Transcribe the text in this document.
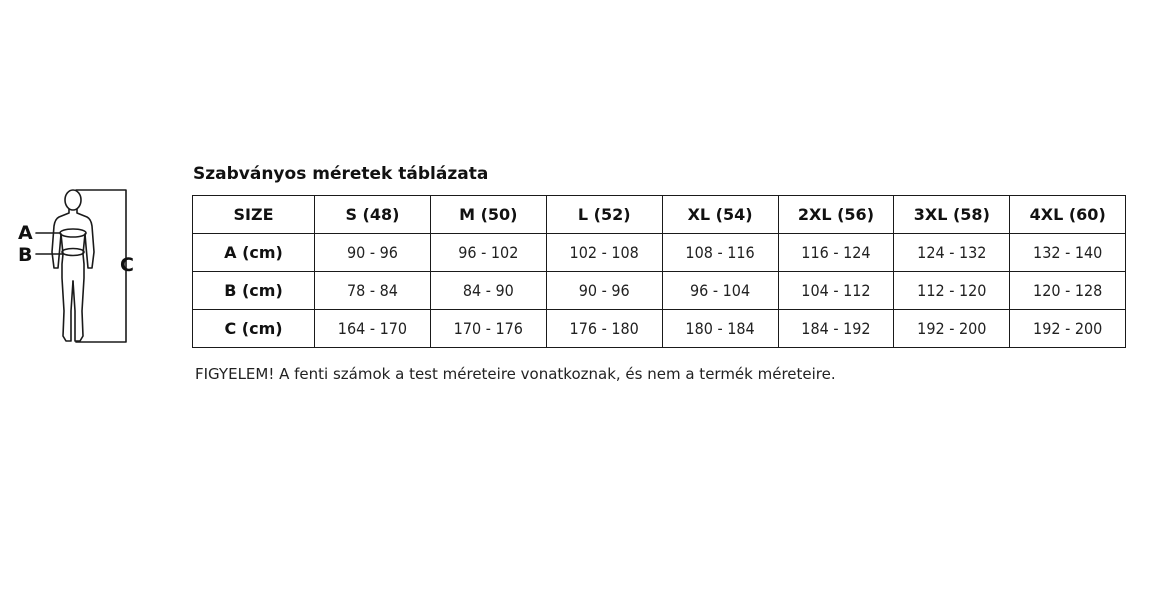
A
B	C
Szabványos méretek táblázata
SIZE	S (48)	M (50)	L (52)	XL (54)	2XL (56)	3XL (58)	4XL (60)
A (cm)	90 - 96	96 - 102	102 - 108	108 - 116	116 - 124	124 - 132	132 - 140
B (cm)	78 - 84	84 - 90	90 - 96	96 - 104	104 - 112	112 - 120	120 - 128
C (cm)	164 - 170	170 - 176	176 - 180	180 - 184	184 - 192	192 - 200	192 - 200
FIGYELEM! A fenti számok a test méreteire vonatkoznak, és nem a termék méreteire.
